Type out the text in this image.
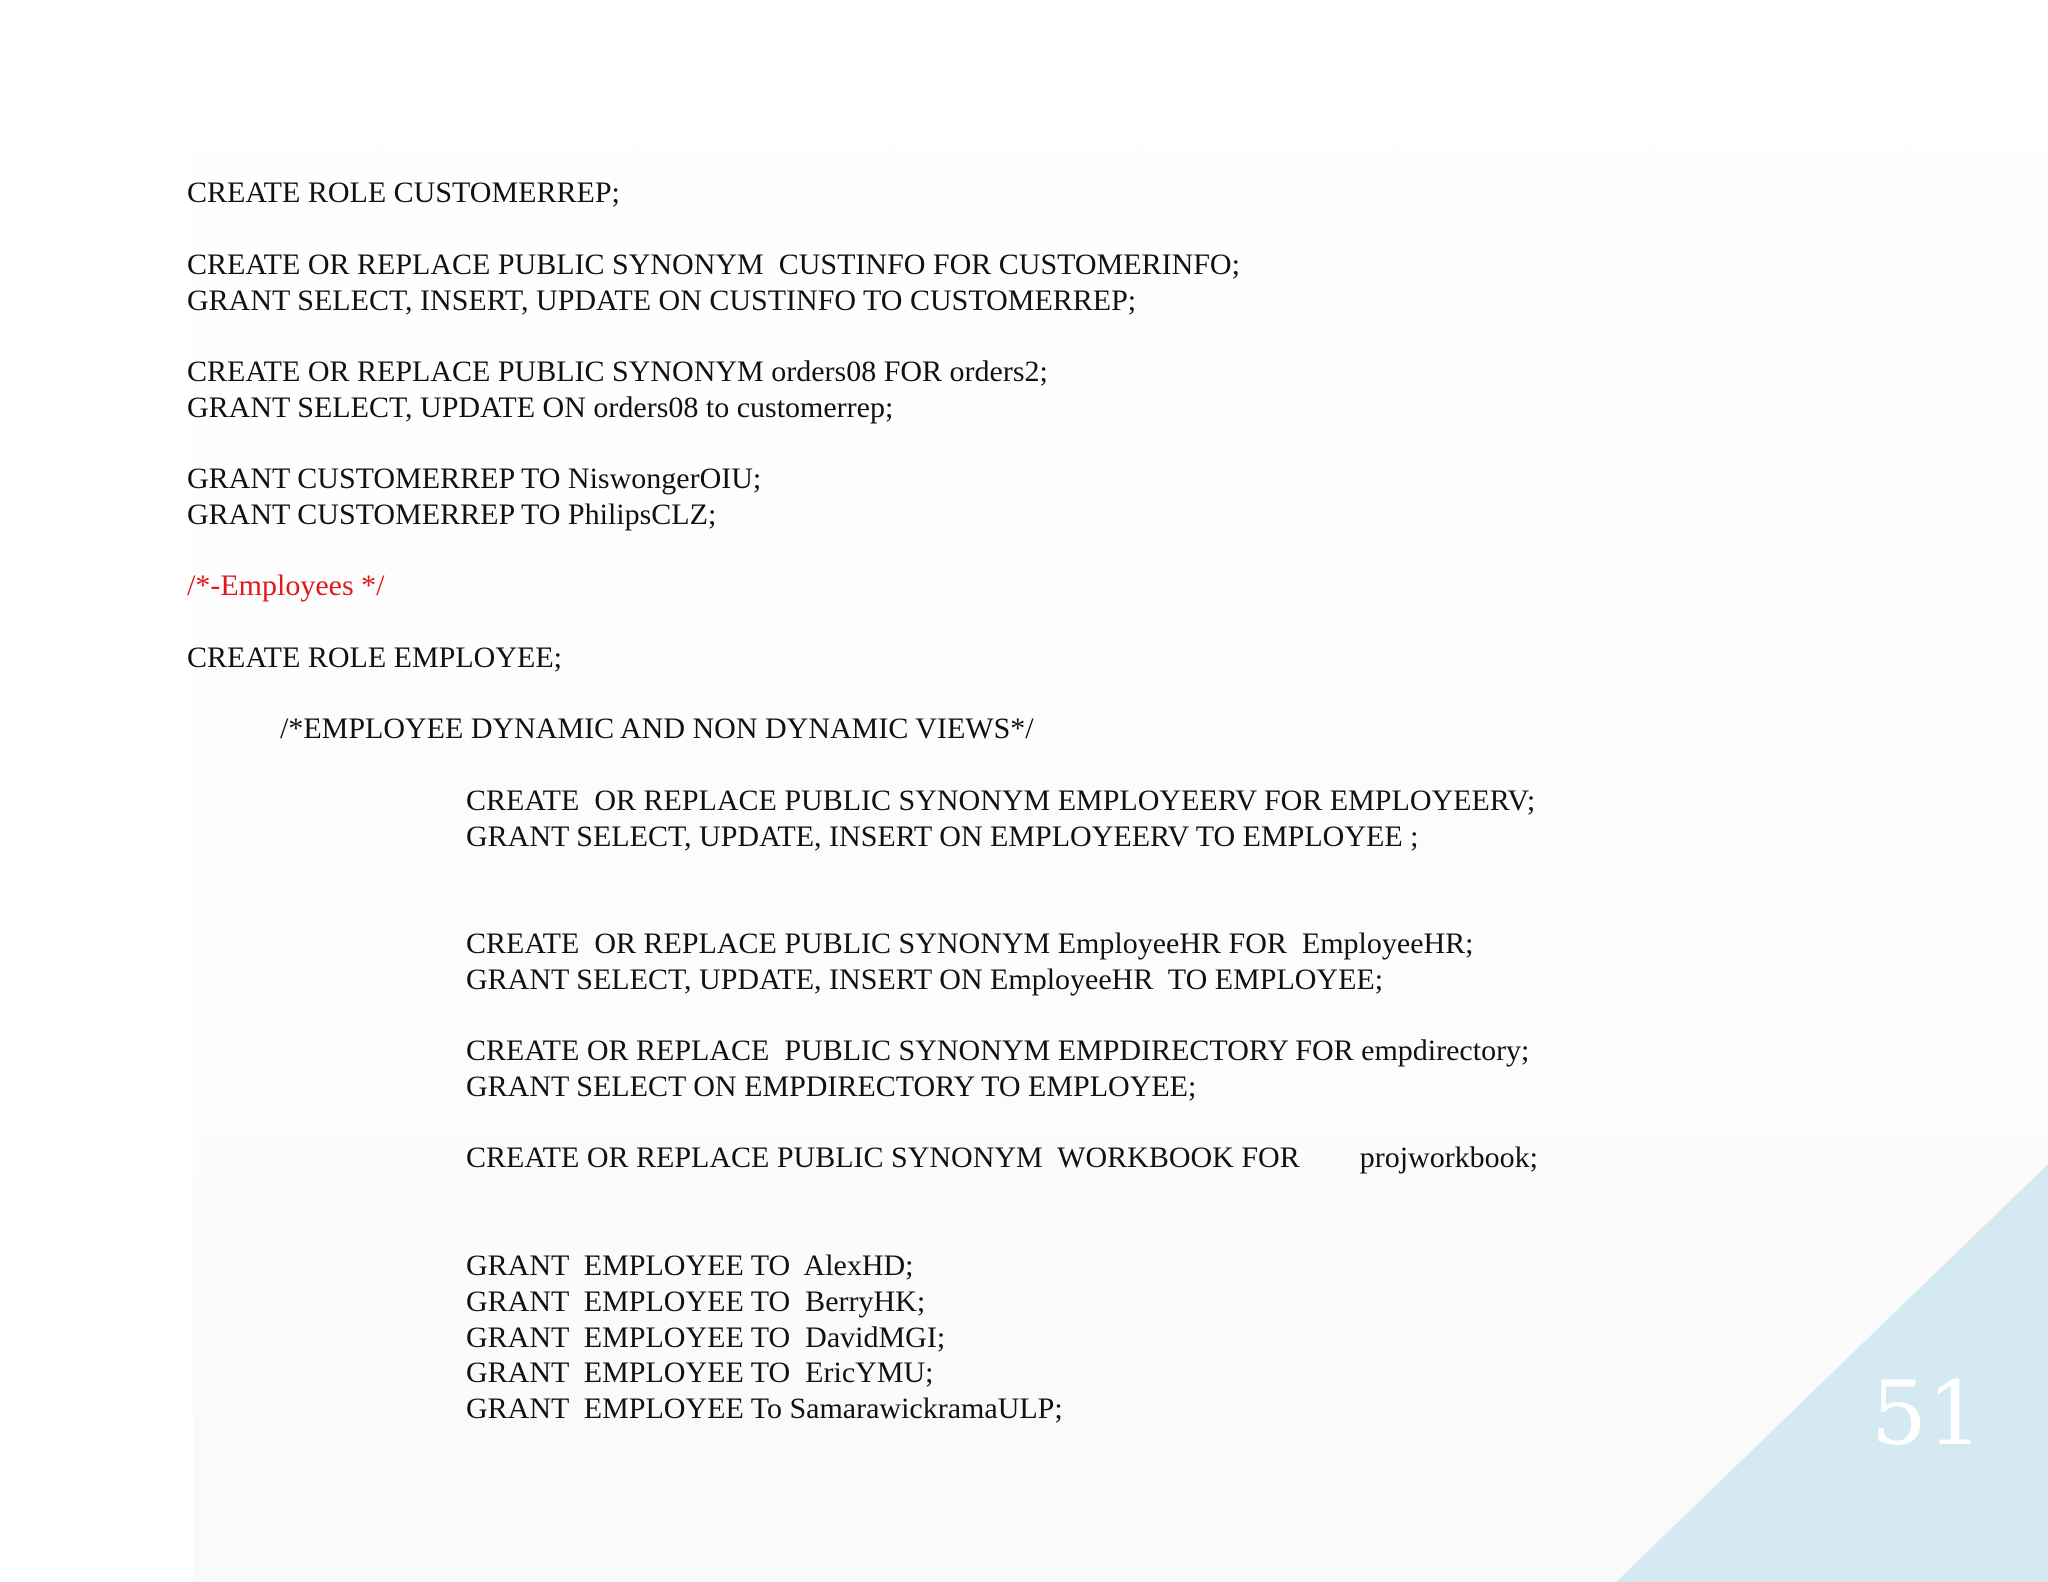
51

CREATE ROLE CUSTOMERREP;

CREATE OR REPLACE PUBLIC SYNONYM  CUSTINFO FOR CUSTOMERINFO;

GRANT SELECT, INSERT, UPDATE ON CUSTINFO TO CUSTOMERREP;

CREATE OR REPLACE PUBLIC SYNONYM orders08 FOR orders2;

GRANT SELECT, UPDATE ON orders08 to customerrep;

GRANT CUSTOMERREP TO NiswongerOIU;

GRANT CUSTOMERREP TO PhilipsCLZ;

/*-Employees */

CREATE ROLE EMPLOYEE;

/*EMPLOYEE DYNAMIC AND NON DYNAMIC VIEWS*/

CREATE  OR REPLACE PUBLIC SYNONYM EMPLOYEERV FOR EMPLOYEERV;

GRANT SELECT, UPDATE, INSERT ON EMPLOYEERV TO EMPLOYEE ;

CREATE  OR REPLACE PUBLIC SYNONYM EmployeeHR FOR  EmployeeHR;

GRANT SELECT, UPDATE, INSERT ON EmployeeHR  TO EMPLOYEE;

CREATE OR REPLACE  PUBLIC SYNONYM EMPDIRECTORY FOR empdirectory;

GRANT SELECT ON EMPDIRECTORY TO EMPLOYEE;

CREATE OR REPLACE PUBLIC SYNONYM  WORKBOOK FOR        projworkbook;

GRANT  EMPLOYEE TO  AlexHD;

GRANT  EMPLOYEE TO  BerryHK;

GRANT  EMPLOYEE TO  DavidMGI;

GRANT  EMPLOYEE TO  EricYMU;

GRANT  EMPLOYEE To SamarawickramaULP;
